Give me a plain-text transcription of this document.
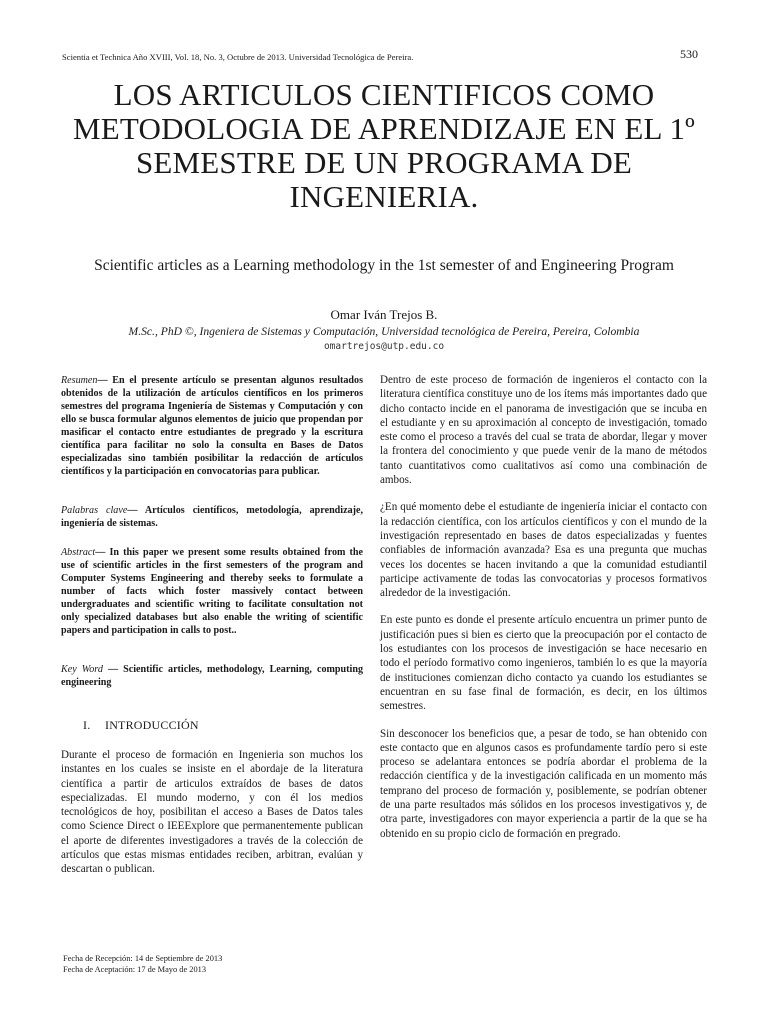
Scientia et Technica Año XVIII, Vol. 18, No. 3, Octubre de 2013. Universidad Tecnológica de Pereira.	530
LOS ARTICULOS CIENTIFICOS COMO
METODOLOGIA DE APRENDIZAJE EN EL 1º
SEMESTRE DE UN PROGRAMA DE
INGENIERIA.

Scientific articles as a Learning methodology in the 1st semester of and Engineering Program

Omar Iván Trejos B.
M.Sc., PhD ©, Ingeniera de Sistemas y Computación, Universidad tecnológica de Pereira, Pereira, Colombia
omartrejos@utp.edu.co

Resumen— En el presente artículo se presentan algunos resultados obtenidos de la utilización de artículos científicos en los primeros semestres del programa Ingeniería de Sistemas y Computación y con ello se busca formular algunos elementos de juicio que propendan por masificar el contacto entre estudiantes de pregrado y la escritura científica para facilitar no solo la consulta en Bases de Datos especializadas sino también posibilitar la redacción de artículos científicos y la participación en convocatorias para publicar.

Palabras clave— Artículos científicos, metodología, aprendizaje, ingeniería de sistemas.

Abstract— In this paper we present some results obtained from the use of scientific articles in the first semesters of the program and Computer Systems Engineering and thereby seeks to formulate a number of facts which foster massively contact between undergraduates and scientific writing to facilitate consultation not only specialized databases but also enable the writing of scientific papers and participation in calls to post..

Key Word — Scientific articles, methodology, Learning, computing engineering

I. INTRODUCCIÓN

Durante el proceso de formación en Ingenieria son muchos los instantes en los cuales se insiste en el abordaje de la literatura científica a partir de articulos extraídos de bases de datos especializadas. El mundo moderno, y con él los medios tecnológicos de hoy, posibilitan el acceso a Bases de Datos tales como Science Direct o IEEExplore que permanentemente publican el aporte de diferentes investigadores a través de la colección de artículos que estas mismas entidades reciben, arbitran, evalúan y descartan o publican.

Dentro de este proceso de formación de ingenieros el contacto con la literatura científica constituye uno de los ítems más importantes dado que dicho contacto incide en el panorama de investigación que se incuba en el estudiante y en su aproximación al concepto de investigación, tomado este como el proceso a través del cual se trata de abordar, llegar y mover la frontera del conocimiento y que puede venir de la mano de métodos tanto cuantitativos como cualitativos así como una combinación de ambos.

¿En qué momento debe el estudiante de ingeniería iniciar el contacto con la redacción científica, con los artículos científicos y con el mundo de la investigación representado en bases de datos especializadas y fuentes confiables de información avanzada? Esa es una pregunta que muchas veces los docentes se hacen invitando a que la comunidad estudiantil participe activamente de todas las convocatorias y procesos formativos alrededor de la investigación.

En este punto es donde el presente artículo encuentra un primer punto de justificación pues si bien es cierto que la preocupación por el contacto de los estudiantes con los procesos de investigación se hace necesario en todo el período formativo como ingenieros, también lo es que la mayoría de instituciones comienzan dicho contacto ya cuando los estudiantes se encuentran en su fase final de formación, es decir, en los últimos semestres.

Sin desconocer los beneficios que, a pesar de todo, se han obtenido con este contacto que en algunos casos es profundamente tardío pero si este proceso se adelantara entonces se podría abordar el problema de la redacción científica y de la investigación calificada en un momento más temprano del proceso de formación y, posiblemente, se podrían obtener de una parte resultados más sólidos en los procesos investigativos y, de otra parte, investigadores con mayor experiencia a partir de la que se ha obtenido en su propio ciclo de formación en pregrado.

Fecha de Recepción: 14 de Septiembre de 2013
Fecha de Aceptación: 17 de Mayo de 2013
